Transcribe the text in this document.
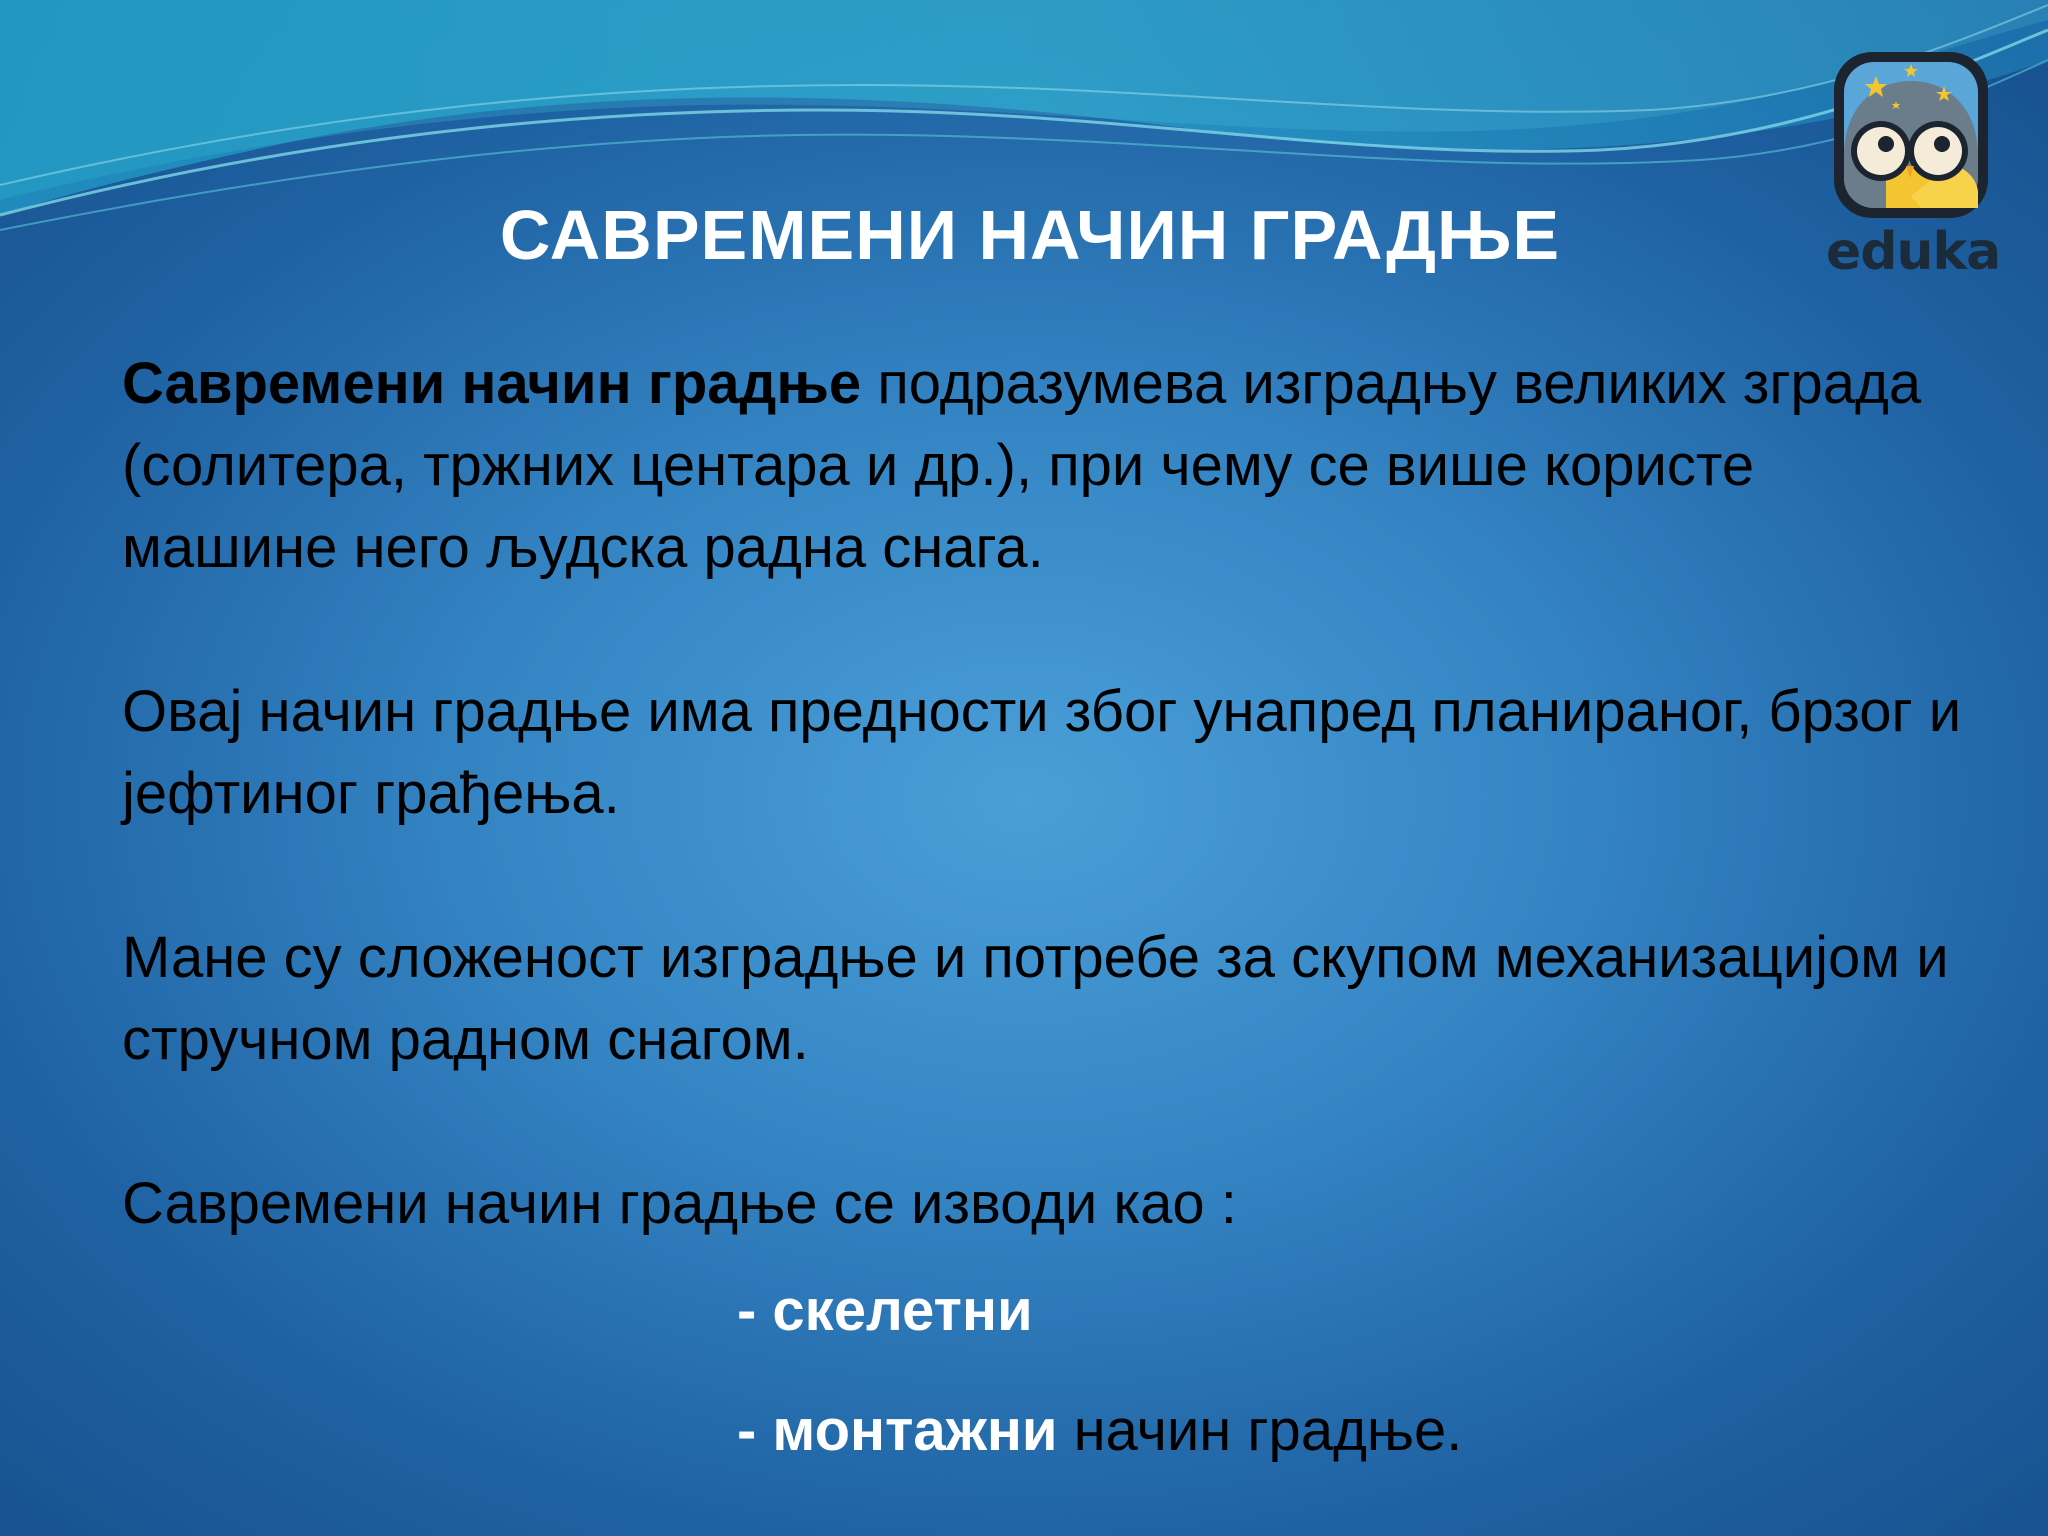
САВРЕМЕНИ НАЧИН ГРАДЊЕ	eduka

Савремени начин градње подразумева изградњу великих зграда (солитера, тржних центара и др.), при чему се више користе машине него људска радна снага.

Овај начин градње има предности због унапред планираног, брзог и јефтиног грађења.

Мане су сложеност изградње и потребе за скупом механизацијом и стручном радном снагом.

Савремени начин градње се изводи као :

- скелетни

- монтажни начин градње.
